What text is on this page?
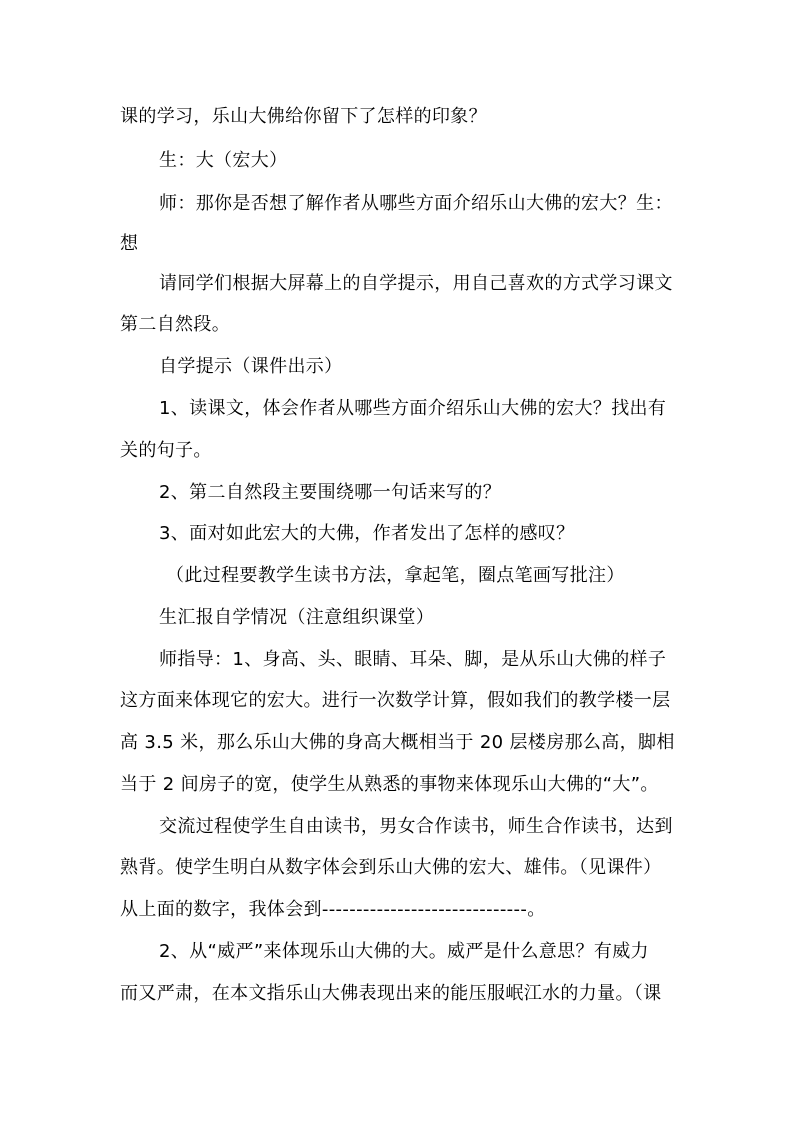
课的学习，乐山大佛给你留下了怎样的印象？
生：大（宏大）
师：那你是否想了解作者从哪些方面介绍乐山大佛的宏大？生：
想
请同学们根据大屏幕上的自学提示，用自己喜欢的方式学习课文
第二自然段。
自学提示（课件出示）
1、读课文，体会作者从哪些方面介绍乐山大佛的宏大？找出有
关的句子。
2、第二自然段主要围绕哪一句话来写的？
3、面对如此宏大的大佛，作者发出了怎样的感叹？
（此过程要教学生读书方法，拿起笔，圈点笔画写批注）
生汇报自学情况（注意组织课堂）
师指导：1、身高、头、眼睛、耳朵、脚，是从乐山大佛的样子
这方面来体现它的宏大。进行一次数学计算，假如我们的教学楼一层
高 3.5 米，那么乐山大佛的身高大概相当于 20 层楼房那么高，脚相
当于 2 间房子的宽，使学生从熟悉的事物来体现乐山大佛的“大”。
交流过程使学生自由读书，男女合作读书，师生合作读书，达到
熟背。使学生明白从数字体会到乐山大佛的宏大、雄伟。（见课件）
从上面的数字，我体会到------------------------------。
2、从“威严”来体现乐山大佛的大。威严是什么意思？有威力
而又严肃，在本文指乐山大佛表现出来的能压服岷江水的力量。（课
